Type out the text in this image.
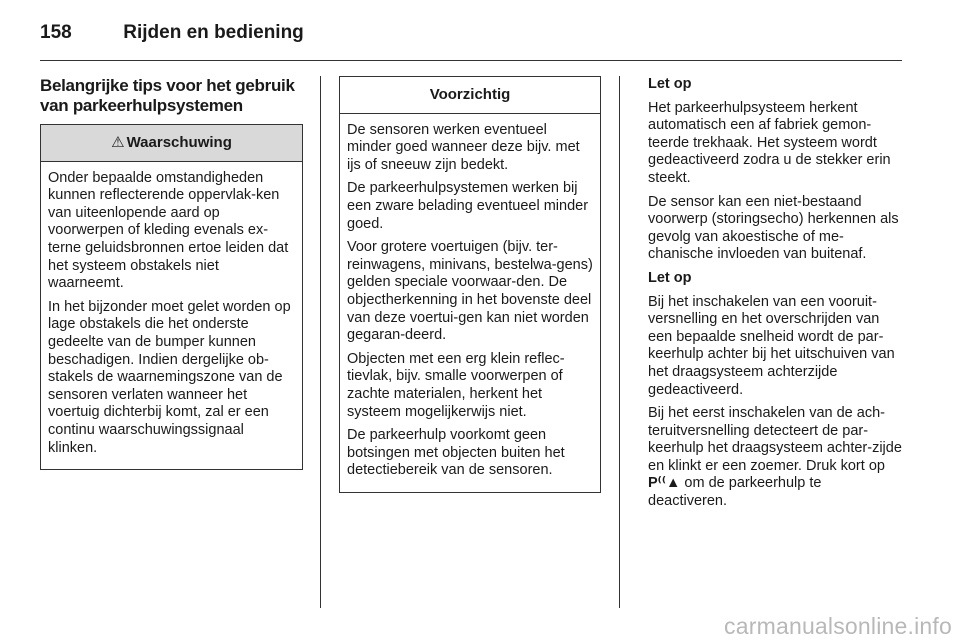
158	Rijden en bediening
Belangrijke tips voor het gebruik van parkeerhulpsystemen
⚠ Waarschuwing

Onder bepaalde omstandigheden kunnen reflecterende oppervlak-ken van uiteenlopende aard op voorwerpen of kleding evenals ex-terne geluidsbronnen ertoe leiden dat het systeem obstakels niet waarneemt.

In het bijzonder moet gelet worden op lage obstakels die het onderste gedeelte van de bumper kunnen beschadigen. Indien dergelijke ob-stakels de waarnemingszone van de sensoren verlaten wanneer het voertuig dichterbij komt, zal er een continu waarschuwingssignaal klinken.

Voorzichtig

De sensoren werken eventueel minder goed wanneer deze bijv. met ijs of sneeuw zijn bedekt.

De parkeerhulpsystemen werken bij een zware belading eventueel minder goed.

Voor grotere voertuigen (bijv. ter-reinwagens, minivans, bestelwa-gens) gelden speciale voorwaar-den. De objectherkenning in het bovenste deel van deze voertui-gen kan niet worden gegaran-deerd.

Objecten met een erg klein reflec-tievlak, bijv. smalle voorwerpen of zachte materialen, herkent het systeem mogelijkerwijs niet.

De parkeerhulp voorkomt geen botsingen met objecten buiten het detectiebereik van de sensoren.

Let op

Het parkeerhulpsysteem herkent automatisch een af fabriek gemon-teerde trekhaak. Het systeem wordt gedeactiveerd zodra u de stekker erin steekt.

De sensor kan een niet-bestaand voorwerp (storingsecho) herkennen als gevolg van akoestische of me-chanische invloeden van buitenaf.

Let op

Bij het inschakelen van een vooruit-versnelling en het overschrijden van een bepaalde snelheid wordt de par-keerhulp achter bij het uitschuiven van het draagsysteem achterzijde gedeactiveerd.

Bij het eerst inschakelen van de ach-teruitversnelling detecteert de par-keerhulp het draagsysteem achter-zijde en klinkt er een zoemer. Druk kort op P⁽⁽▲ om de parkeerhulp te deactiveren.

carmanualsonline.info
